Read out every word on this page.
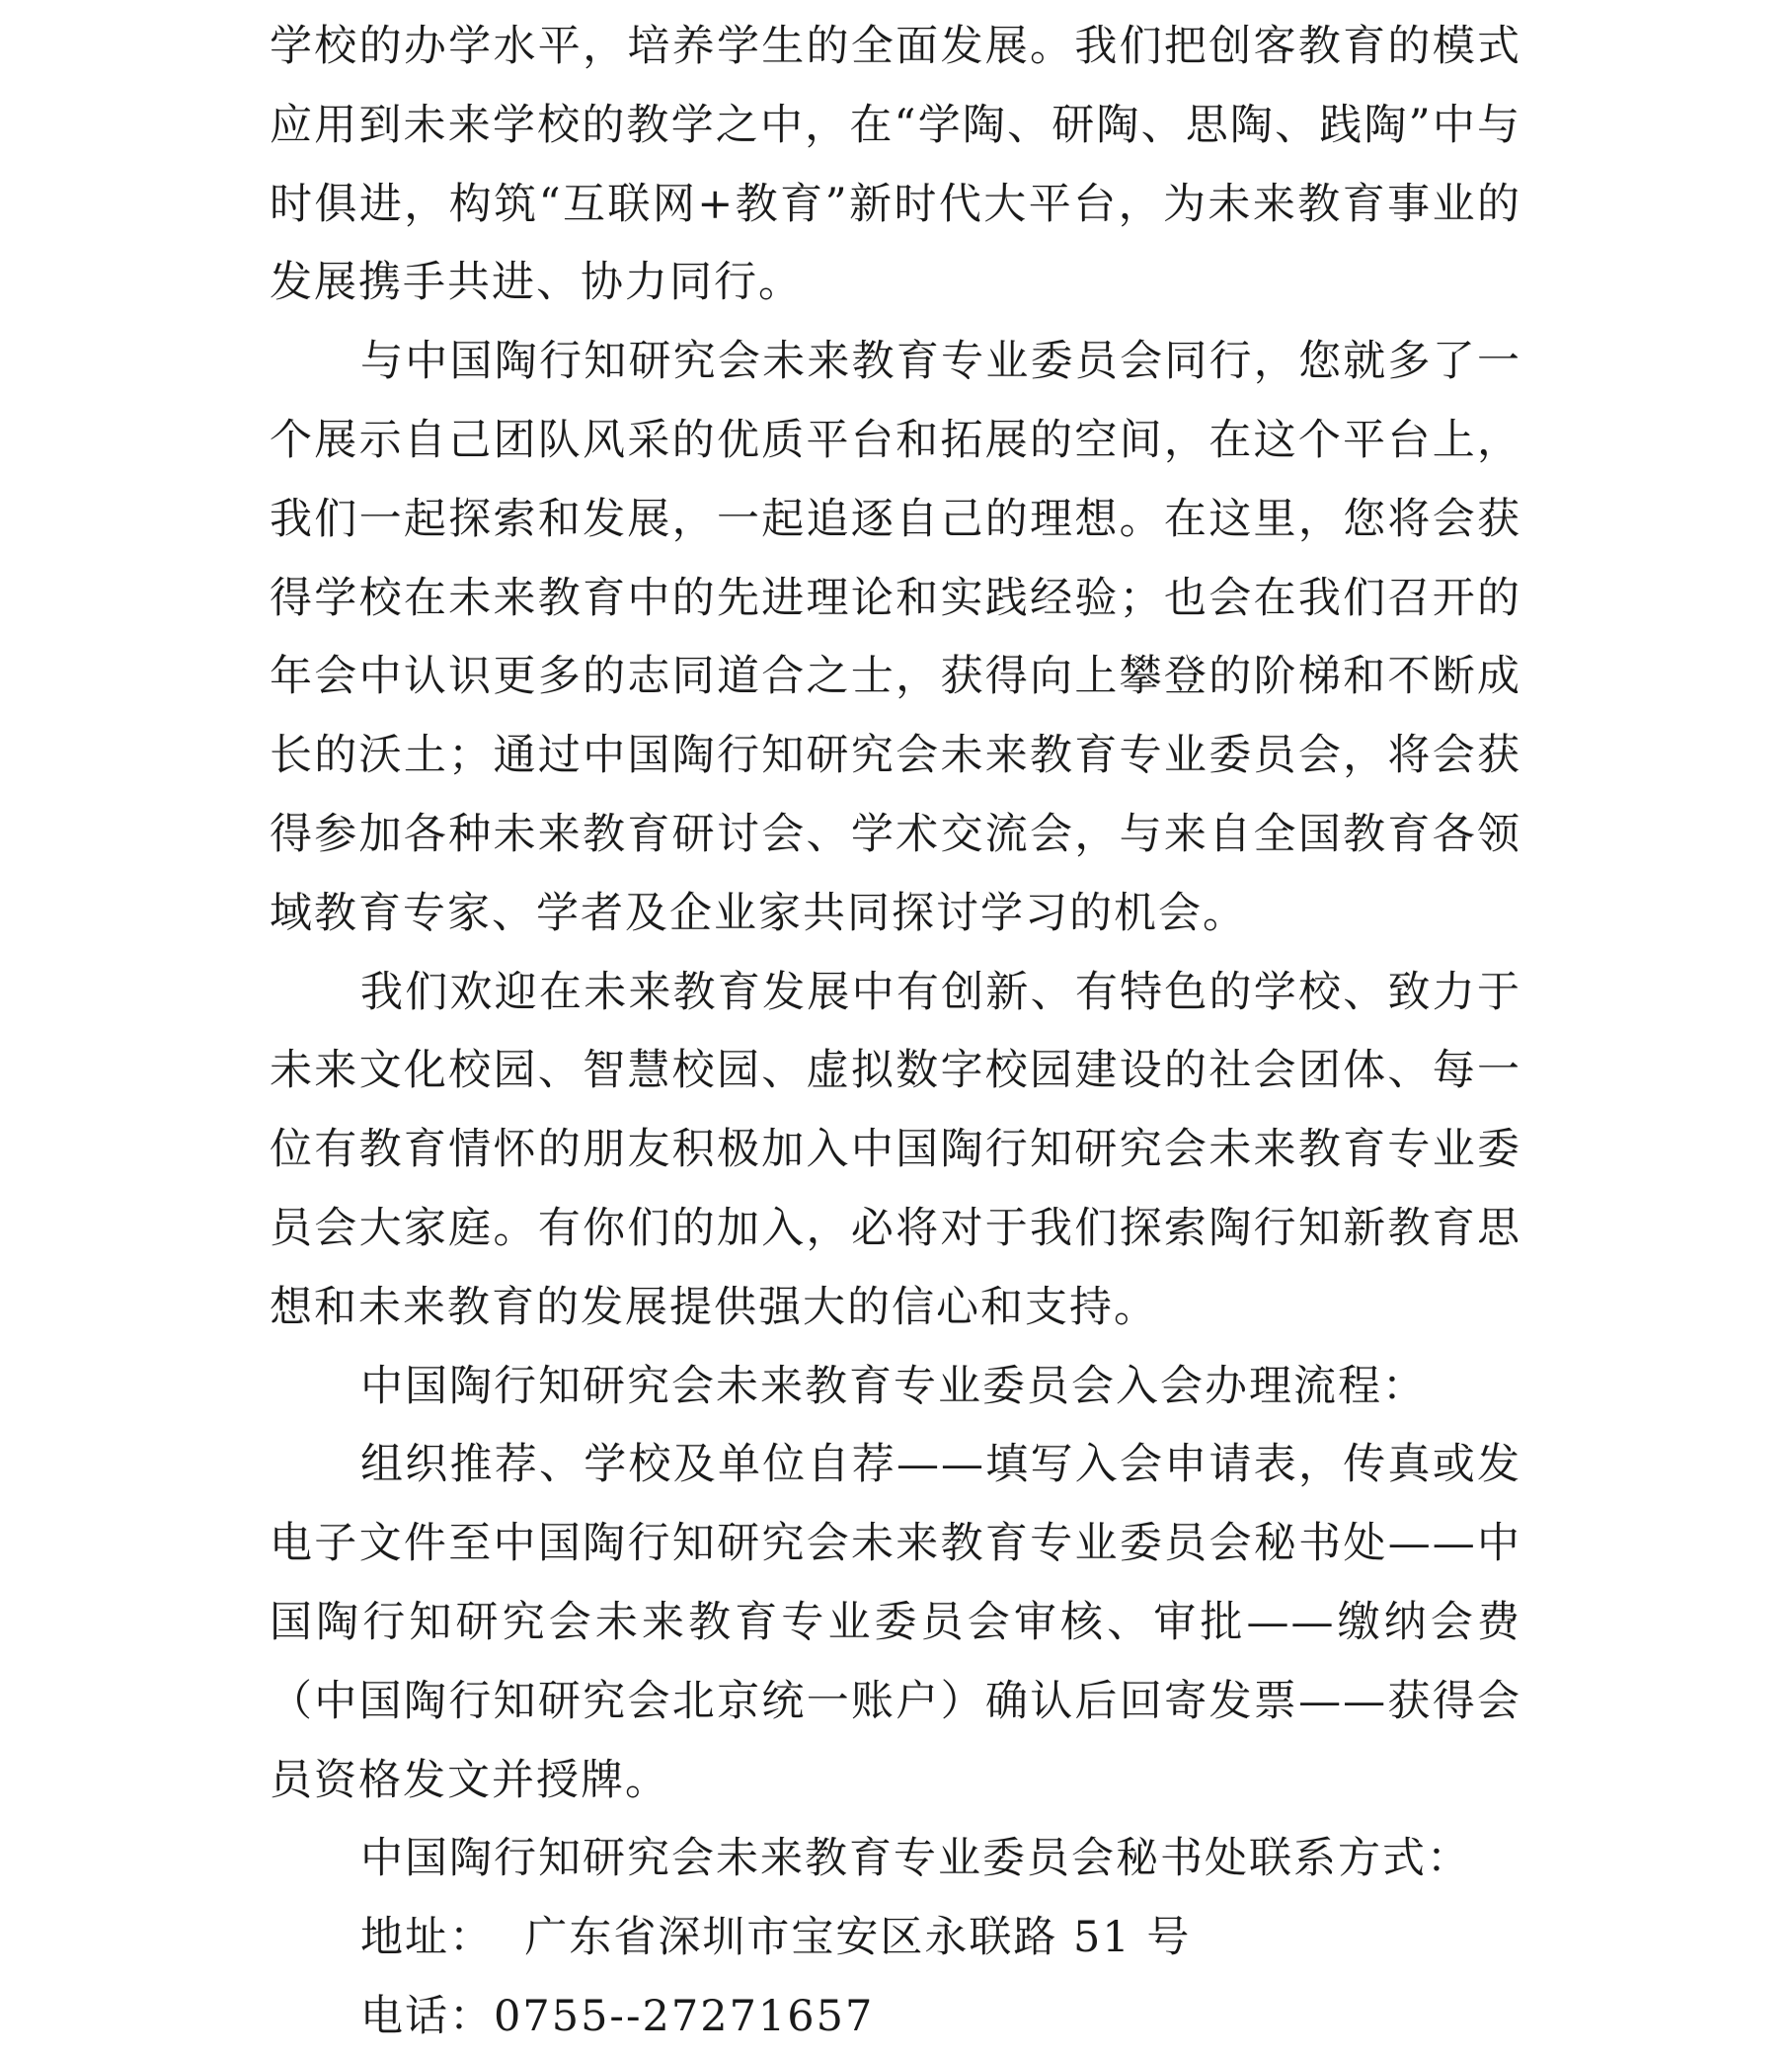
学校的办学水平，培养学生的全面发展。我们把创客教育的模式应用到未来学校的教学之中，在“学陶、研陶、思陶、践陶”中与时俱进，构筑“互联网+教育”新时代大平台，为未来教育事业的发展携手共进、协力同行。

与中国陶行知研究会未来教育专业委员会同行，您就多了一个展示自己团队风采的优质平台和拓展的空间，在这个平台上，我们一起探索和发展，一起追逐自己的理想。在这里，您将会获得学校在未来教育中的先进理论和实践经验；也会在我们召开的年会中认识更多的志同道合之士，获得向上攀登的阶梯和不断成长的沃土；通过中国陶行知研究会未来教育专业委员会，将会获得参加各种未来教育研讨会、学术交流会，与来自全国教育各领域教育专家、学者及企业家共同探讨学习的机会。

我们欢迎在未来教育发展中有创新、有特色的学校、致力于未来文化校园、智慧校园、虚拟数字校园建设的社会团体、每一位有教育情怀的朋友积极加入中国陶行知研究会未来教育专业委员会大家庭。有你们的加入，必将对于我们探索陶行知新教育思想和未来教育的发展提供强大的信心和支持。

中国陶行知研究会未来教育专业委员会入会办理流程：

组织推荐、学校及单位自荐——填写入会申请表，传真或发电子文件至中国陶行知研究会未来教育专业委员会秘书处——中国陶行知研究会未来教育专业委员会审核、审批——缴纳会费（中国陶行知研究会北京统一账户）确认后回寄发票——获得会员资格发文并授牌。

中国陶行知研究会未来教育专业委员会秘书处联系方式：

地址：  广东省深圳市宝安区永联路 51 号

电话：0755--27271657
